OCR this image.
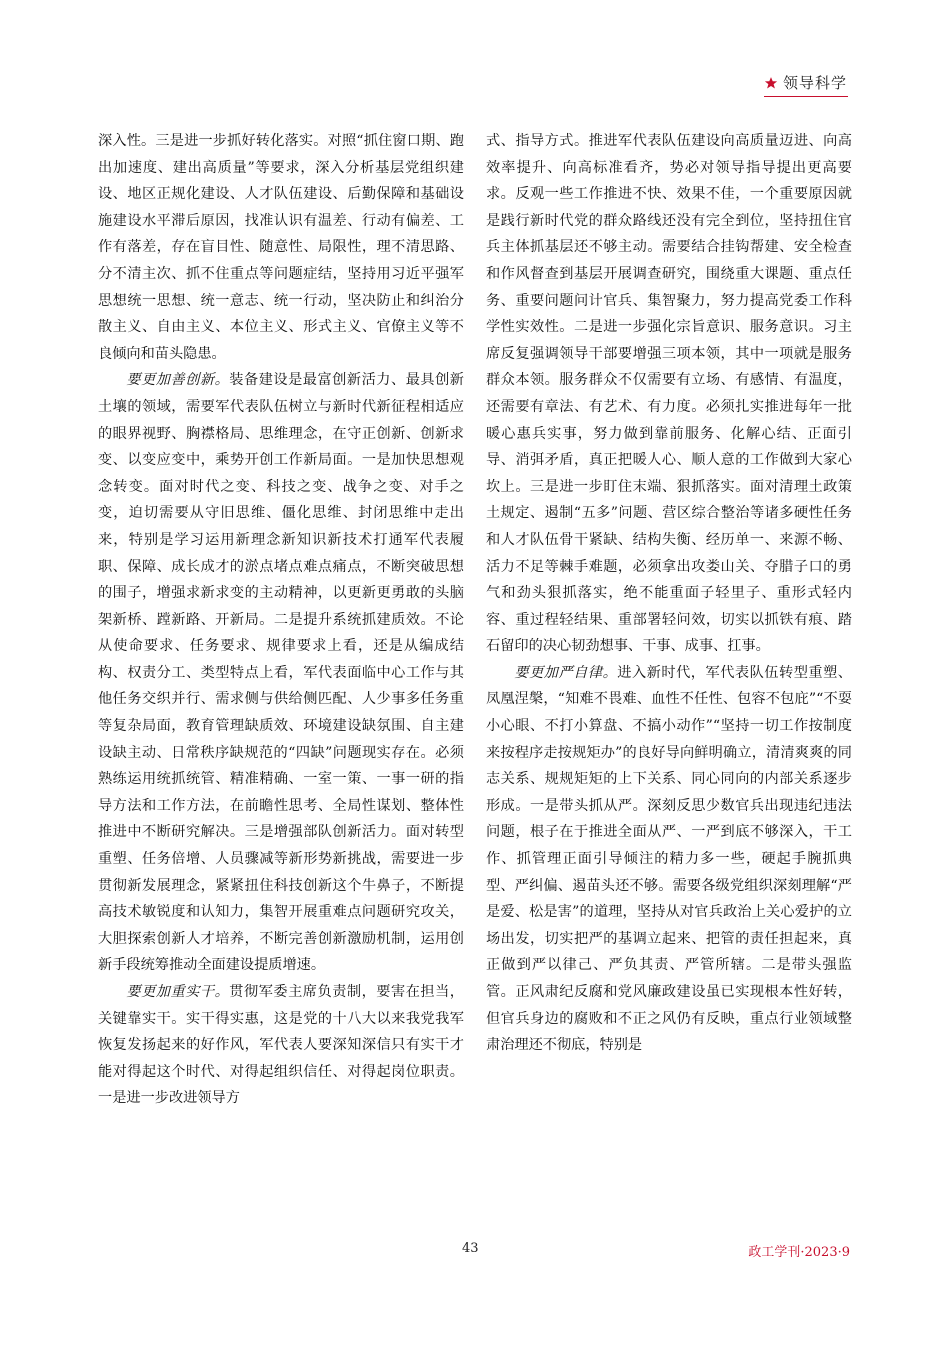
领导科学

深入性。三是进一步抓好转化落实。对照“抓住窗口期、跑出加速度、建出高质量”等要求，深入分析基层党组织建设、地区正规化建设、人才队伍建设、后勤保障和基础设施建设水平滞后原因，找准认识有温差、行动有偏差、工作有落差，存在盲目性、随意性、局限性，理不清思路、分不清主次、抓不住重点等问题症结，坚持用习近平强军思想统一思想、统一意志、统一行动，坚决防止和纠治分散主义、自由主义、本位主义、形式主义、官僚主义等不良倾向和苗头隐患。

要更加善创新。装备建设是最富创新活力、最具创新土壤的领域，需要军代表队伍树立与新时代新征程相适应的眼界视野、胸襟格局、思维理念，在守正创新、创新求变、以变应变中，乘势开创工作新局面。一是加快思想观念转变。面对时代之变、科技之变、战争之变、对手之变，迫切需要从守旧思维、僵化思维、封闭思维中走出来，特别是学习运用新理念新知识新技术打通军代表履职、保障、成长成才的淤点堵点难点痛点，不断突破思想的围子，增强求新求变的主动精神，以更新更勇敢的头脑架新桥、蹚新路、开新局。二是提升系统抓建质效。不论从使命要求、任务要求、规律要求上看，还是从编成结构、权责分工、类型特点上看，军代表面临中心工作与其他任务交织并行、需求侧与供给侧匹配、人少事多任务重等复杂局面，教育管理缺质效、环境建设缺氛围、自主建设缺主动、日常秩序缺规范的“四缺”问题现实存在。必须熟练运用统抓统管、精准精确、一室一策、一事一研的指导方法和工作方法，在前瞻性思考、全局性谋划、整体性推进中不断研究解决。三是增强部队创新活力。面对转型重塑、任务倍增、人员骤减等新形势新挑战，需要进一步贯彻新发展理念，紧紧扭住科技创新这个牛鼻子，不断提高技术敏锐度和认知力，集智开展重难点问题研究攻关，大胆探索创新人才培养，不断完善创新激励机制，运用创新手段统筹推动全面建设提质增速。

要更加重实干。贯彻军委主席负责制，要害在担当，关键靠实干。实干得实惠，这是党的十八大以来我党我军恢复发扬起来的好作风，军代表人要深知深信只有实干才能对得起这个时代、对得起组织信任、对得起岗位职责。一是进一步改进领导方

式、指导方式。推进军代表队伍建设向高质量迈进、向高效率提升、向高标准看齐，势必对领导指导提出更高要求。反观一些工作推进不快、效果不佳，一个重要原因就是践行新时代党的群众路线还没有完全到位，坚持扭住官兵主体抓基层还不够主动。需要结合挂钩帮建、安全检查和作风督查到基层开展调查研究，围绕重大课题、重点任务、重要问题问计官兵、集智聚力，努力提高党委工作科学性实效性。二是进一步强化宗旨意识、服务意识。习主席反复强调领导干部要增强三项本领，其中一项就是服务群众本领。服务群众不仅需要有立场、有感情、有温度，还需要有章法、有艺术、有力度。必须扎实推进每年一批暖心惠兵实事，努力做到靠前服务、化解心结、正面引导、消弭矛盾，真正把暖人心、顺人意的工作做到大家心坎上。三是进一步盯住末端、狠抓落实。面对清理土政策土规定、遏制“五多”问题、营区综合整治等诸多硬性任务和人才队伍骨干紧缺、结构失衡、经历单一、来源不畅、活力不足等棘手难题，必须拿出攻娄山关、夺腊子口的勇气和劲头狠抓落实，绝不能重面子轻里子、重形式轻内容、重过程轻结果、重部署轻问效，切实以抓铁有痕、踏石留印的决心韧劲想事、干事、成事、扛事。

要更加严自律。进入新时代，军代表队伍转型重塑、凤凰涅槃，“知难不畏难、血性不任性、包容不包庇”“不耍小心眼、不打小算盘、不搞小动作”“坚持一切工作按制度来按程序走按规矩办”的良好导向鲜明确立，清清爽爽的同志关系、规规矩矩的上下关系、同心同向的内部关系逐步形成。一是带头抓从严。深刻反思少数官兵出现违纪违法问题，根子在于推进全面从严、一严到底不够深入，干工作、抓管理正面引导倾注的精力多一些，硬起手腕抓典型、严纠偏、遏苗头还不够。需要各级党组织深刻理解“严是爱、松是害”的道理，坚持从对官兵政治上关心爱护的立场出发，切实把严的基调立起来、把管的责任担起来，真正做到严以律己、严负其责、严管所辖。二是带头强监管。正风肃纪反腐和党风廉政建设虽已实现根本性好转，但官兵身边的腐败和不正之风仍有反映，重点行业领域整肃治理还不彻底，特别是

43	政工学刊·2023·9
